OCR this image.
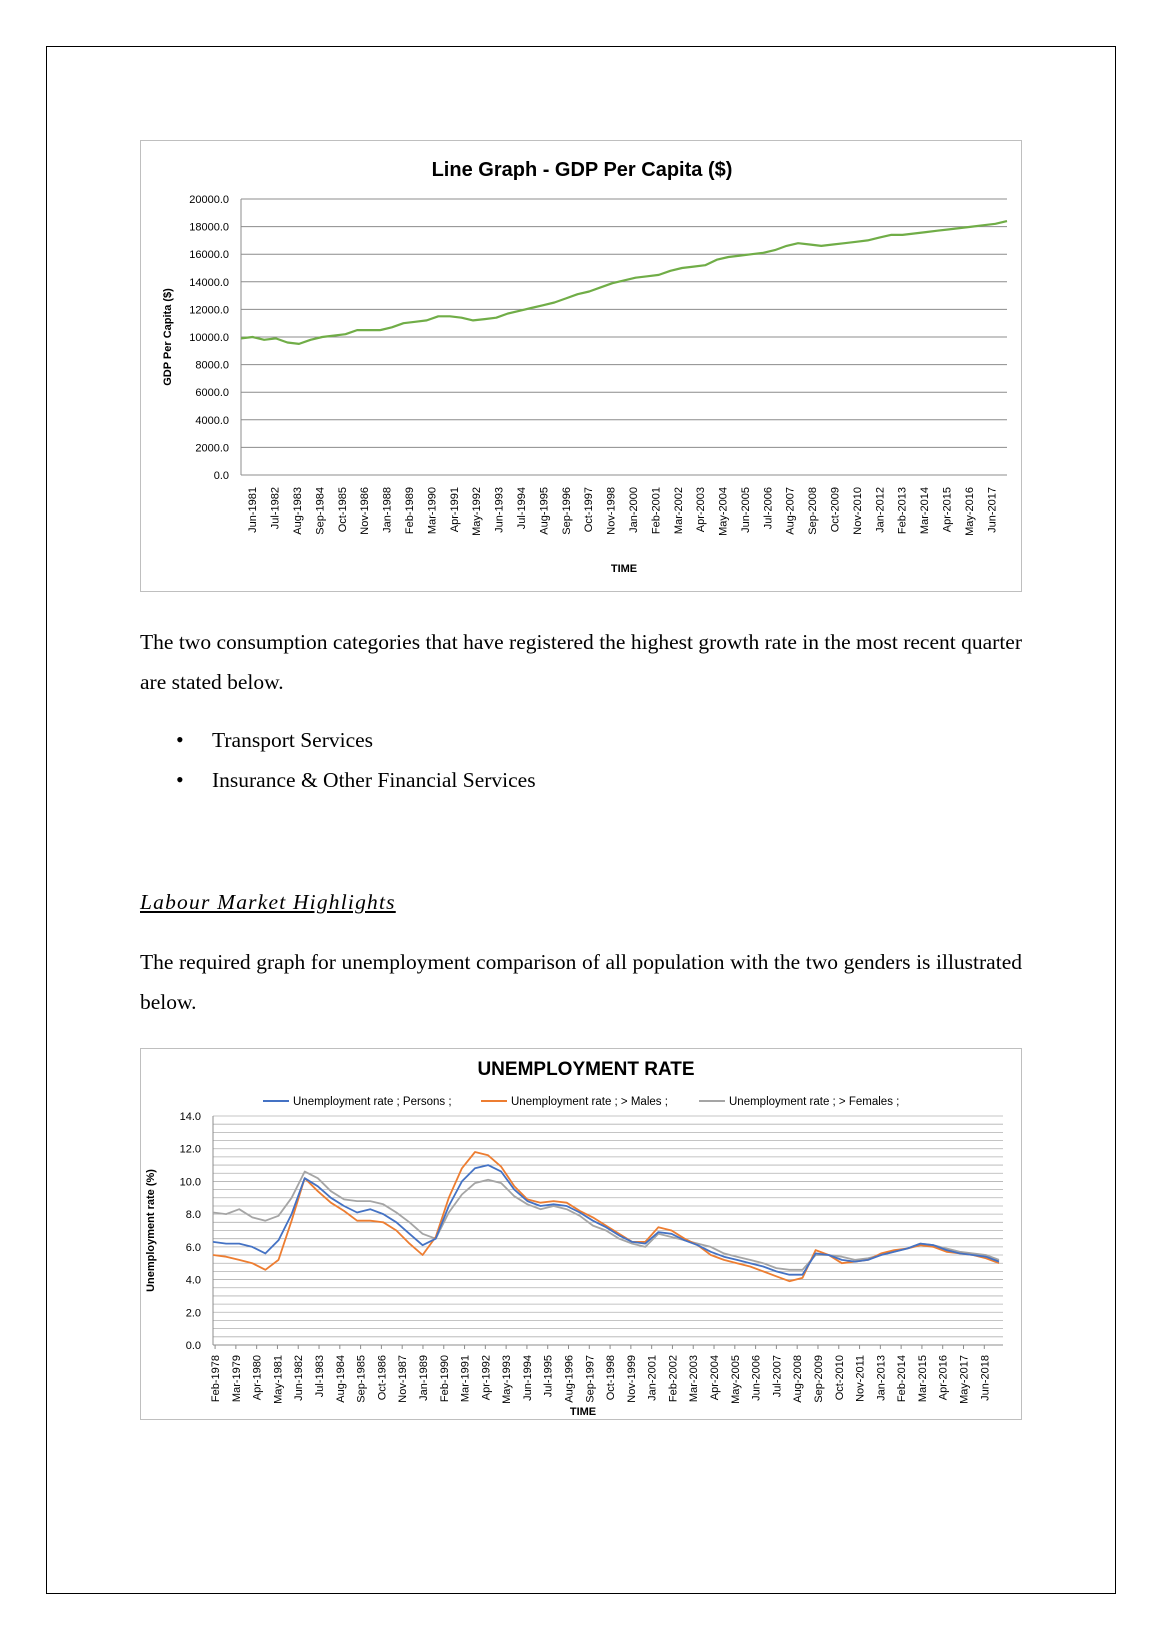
Line Graph - GDP Per Capita ($)
0.0
2000.0
4000.0
6000.0
8000.0
10000.0
12000.0
14000.0
16000.0
18000.0
20000.0
Jun-1981 Jul-1982 Aug-1983 Sep-1984 Oct-1985 Nov-1986 Jan-1988 Feb-1989 Mar-1990 Apr-1991 May-1992 Jun-1993 Jul-1994 Aug-1995 Sep-1996 Oct-1997 Nov-1998 Jan-2000 Feb-2001 Mar-2002 Apr-2003 May-2004 Jun-2005 Jul-2006 Aug-2007 Sep-2008 Oct-2009 Nov-2010 Jan-2012 Feb-2013 Mar-2014 Apr-2015 May-2016 Jun-2017
GDP Per Capita ($)
TIME

The two consumption categories that have registered the highest growth rate in the most recent quarter are stated below.

• Transport Services
• Insurance & Other Financial Services
Labour Market Highlights

The required graph for unemployment comparison of all population with the two genders is illustrated below.

UNEMPLOYMENT RATE
Unemployment rate ; Persons ;	Unemployment rate ; > Males ;	Unemployment rate ; > Females ;
0.0
2.0
4.0
6.0
8.0
10.0
12.0
14.0
Feb-1978 Mar-1979 Apr-1980 May-1981 Jun-1982 Jul-1983 Aug-1984 Sep-1985 Oct-1986 Nov-1987 Jan-1989 Feb-1990 Mar-1991 Apr-1992 May-1993 Jun-1994 Jul-1995 Aug-1996 Sep-1997 Oct-1998 Nov-1999 Jan-2001 Feb-2002 Mar-2003 Apr-2004 May-2005 Jun-2006 Jul-2007 Aug-2008 Sep-2009 Oct-2010 Nov-2011 Jan-2013 Feb-2014 Mar-2015 Apr-2016 May-2017 Jun-2018
Unemployment rate (%)
TIME
